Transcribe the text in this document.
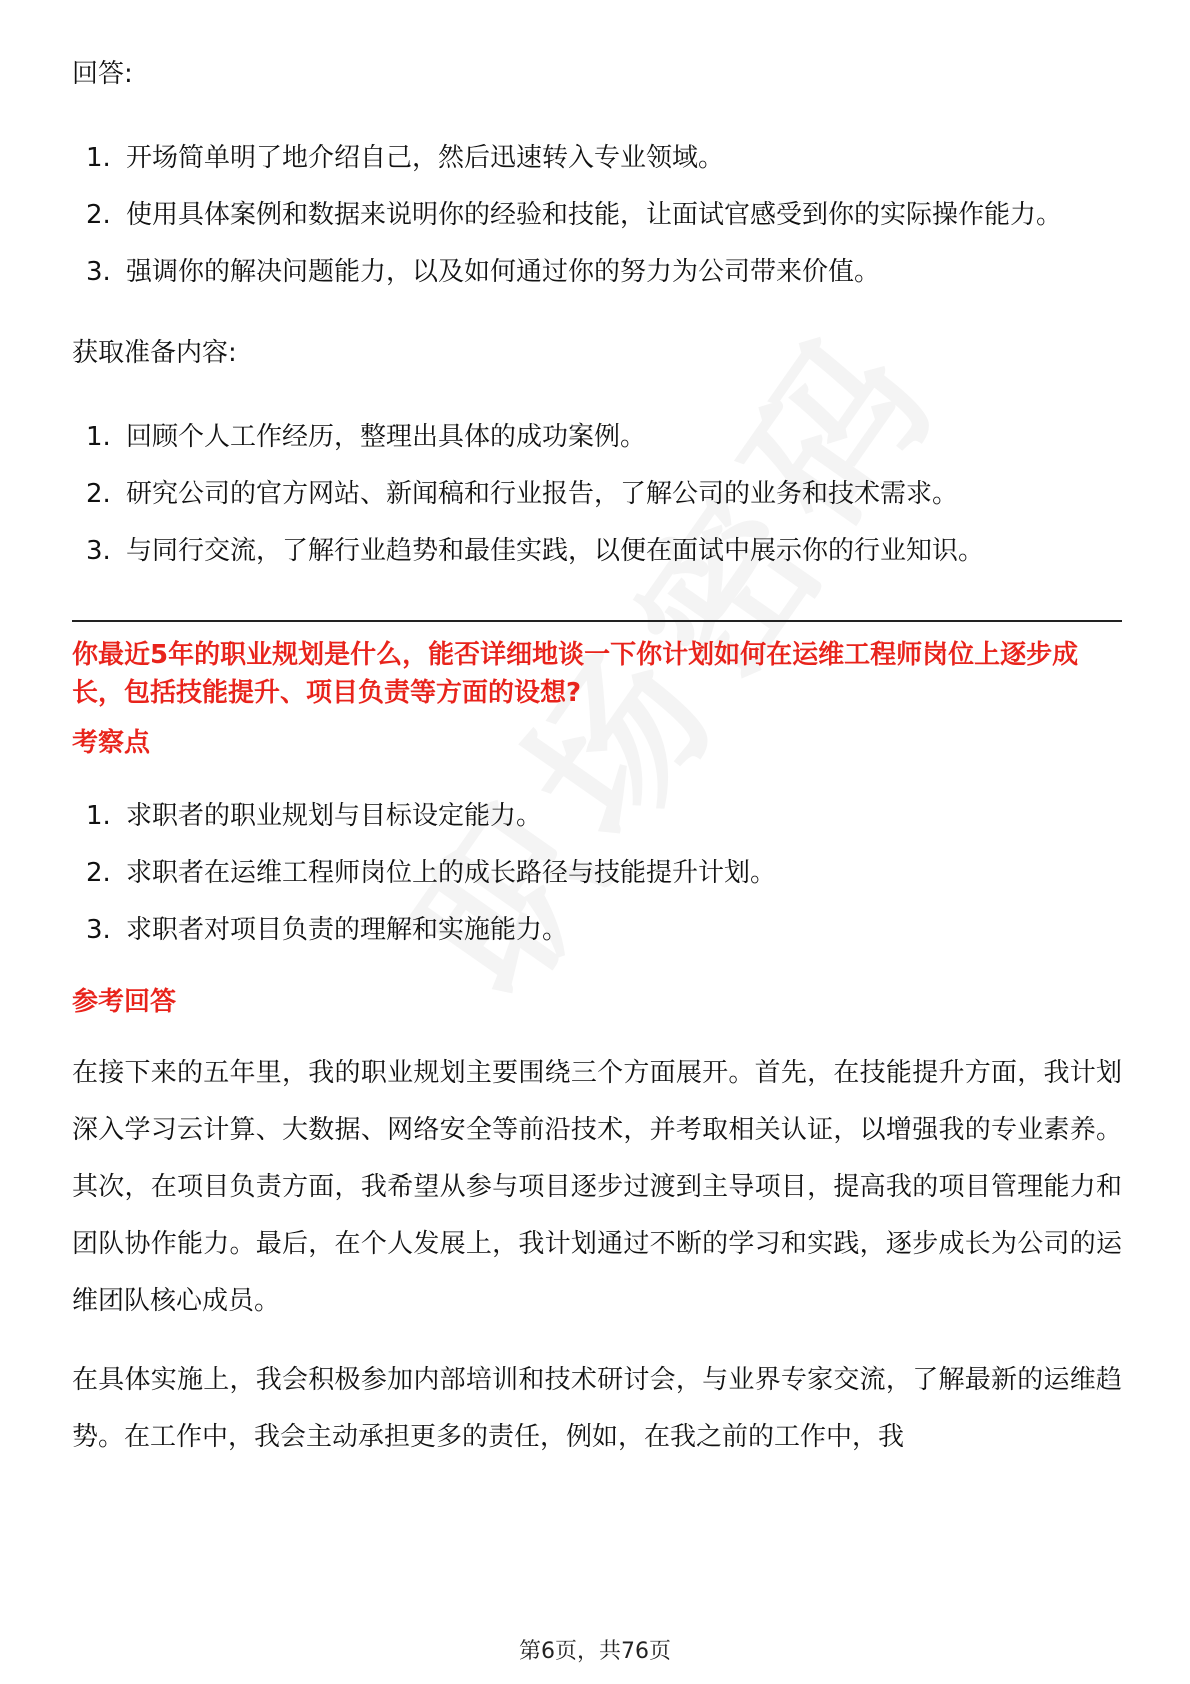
回答:

1. 开场简单明了地介绍自己，然后迅速转入专业领域。
2. 使用具体案例和数据来说明你的经验和技能，让面试官感受到你的实际操作能力。
3. 强调你的解决问题能力，以及如何通过你的努力为公司带来价值。

获取准备内容:

1. 回顾个人工作经历，整理出具体的成功案例。
2. 研究公司的官方网站、新闻稿和行业报告，了解公司的业务和技术需求。
3. 与同行交流，了解行业趋势和最佳实践，以便在面试中展示你的行业知识。

你最近5年的职业规划是什么，能否详细地谈一下你计划如何在运维工程师岗位上逐步成长，包括技能提升、项目负责等方面的设想?

考察点

1. 求职者的职业规划与目标设定能力。
2. 求职者在运维工程师岗位上的成长路径与技能提升计划。
3. 求职者对项目负责的理解和实施能力。

参考回答

在接下来的五年里，我的职业规划主要围绕三个方面展开。首先，在技能提升方面，我计划深入学习云计算、大数据、网络安全等前沿技术，并考取相关认证，以增强我的专业素养。其次，在项目负责方面，我希望从参与项目逐步过渡到主导项目，提高我的项目管理能力和团队协作能力。最后，在个人发展上，我计划通过不断的学习和实践，逐步成长为公司的运维团队核心成员。

在具体实施上，我会积极参加内部培训和技术研讨会，与业界专家交流，了解最新的运维趋势。在工作中，我会主动承担更多的责任，例如，在我之前的工作中，我

第6页，共76页
